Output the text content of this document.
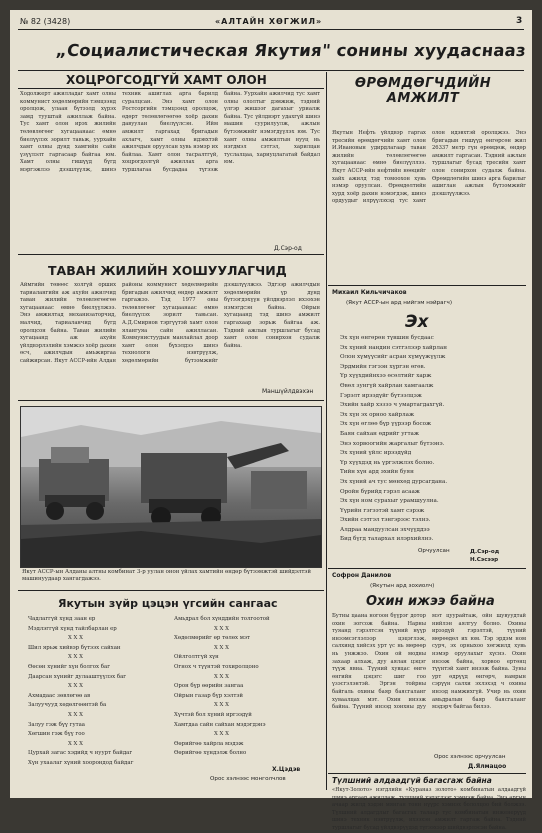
№ 82 (3428)	«АЛТАЙН ХӨГЖИЛ»	3
„Социалистическая Якутия" сонины хуудаснааз
ХОЦРОГСОДГҮЙ ХАМТ ОЛОН

Ходолжерт ажилладаг хамт олны коммунист хөдөлмөрийн тэмцээнд оролцож, улаан бүтээлд хүрэх замд тууштай ажиллаж байна. Тус хамт олон ирэх жилийн төлөвлөгөөг хугацаанаас өмнө биелүүлэх зорилт тавьж, уурхайн хамт олны дунд хамгийн сайн үзүүлэлт гаргасаар байгаа юм. Хамт олны гишүүд бүгд мэргэжлээ дээшлүүлж, шинэ техник ашиглах арга барилд суралцсан. Энэ хамт олон Ростсоргийн тэмцээнд оролцож, өдөрт төлөвлөгөөгөө хоёр дахин давуулан биелүүлсэн. Ийм амжилт гаргахад бригадын ахлагч, хамт олны идэвхтэй ажилчдын оруулсан хувь нэмэр их байлаа. Хамт олон тасралтгүй, хоцрогдолгүй ажиллах арга туршлагаа бусдадаа түгээж байна. Уурхайн ажилчид тус хамт олны ололтыг дэмжиж, тэдний үлгэр жишээг дагахыг уриалж байна. Тус үйлдвэрт удахгүй шинэ машин суурилуулж, ажлын бүтээмжийг нэмэгдүүлэх юм. Тус хамт олны амжилтын нууц нь нэгдмэл сэтгэл, харилцан туслалцаа, хариуцлагатай байдал юм.

Д.Сэр-од
ТАВАН ЖИЛИЙН ХОШУУЛАГЧИД

Аймгийн төвөөс холгүй орших тариалангийн аж ахуйн ажилчид таван жилийн төлөвлөгөөгөө хугацаанаас өмнө биелүүлжээ. Энэ амжилтад механизаторчид, малчид, тариаланчид бүгд оролцсон байна. Таван жилийн хугацаанд аж ахуйн үйлдвэрлэлийн хэмжээ хоёр дахин өсч, ажилчдын амьжиргаа сайжирсан. Якут АССР-ийн Алдан районы коммунист хөдөлмөрийн бригадын ажилчид өндөр амжилт гаргажээ. Тэд 1977 оны төлөвлөгөөг хугацаанаас өмнө биелүүлэх зорилт тавьсан. А.Д.Смирнов тэргүүтэй хамт олон ялангуяа сайн ажилласан. Коммунистуудын манлайлал доор хамт олон бүхэлдээ шинэ технологи нэвтрүүлж, хөдөлмөрийн бүтээмжийг дээшлүүлжээ. Эдгээр ажилчдын хөдөлмөрийн үр дүнд бүтээгдэхүүн үйлдвэрлэл ихээхэн нэмэгдсэн байна. Ойрын хугацаанд тэд шинэ амжилт гаргахаар зорьж байгаа аж. Тэдний ажлын туршлагыг бусад хамт олон сонирхон судалж байна.

Маншүйлдвэхэн
Якут АССР-ын Алданы алтны комбинат 3-р уулан онон үйлах хамтийн өндөр бүтээмжтэй шийдэлтэй машинуудаар хангагдажээ.
Якутын зүйр цэцэн үгсийн сангаас
Чадлаггүй хүнд заан ер
Мэдлэггүй хүнд тайлбарлан ер
X X X
Шил ярьж хийвэр бүтээх сайхан
X X X
Өөсөн хүнийг хүн болгох баг
Даарсан хүнийг дулааштүүлэх баг
X X X
Ахмадаас зөвлөгөө ав
Залуучууд хөдөлгөөнтэй ба
X X X
Залуу гэж бүү гутаа
Хөгшин гэж бүү гоо
X X X
Цурхай загас хэдийд ч нуурт байдаг
Хүн ухаалаг хүний хоорондод байдаг
Амьдрал бол хүнддийн толгоотой
X X X
Хөдөлмөрийг өр төлөх мэт
X X X
Ойлголтгүй хүн
Огнох ч түүнтэй тохиролцоно
X X X
Орон бүр өөрийн зангаа
Ойрын газар бүр хэлтэй
X X X
Хүчтэй бол хүний иргээдүй
Хамтдаа сайн сайхан мэдэгдэнэ
X X X
Өөрийгөө хайрла мэдэж
Өөрийгөө хүндэлж болно
Х.Цэдэв
Орос хэлнээс монголчлов
ӨРӨМДӨГЧДИЙН АМЖИЛТ

Якутын Нефть үйлдвэр гаргах тресийн өрөмдөгчийн хамт олон И.Ивановын удирдлагаар таван жилийн төлөвлөгөөгөө хугацаанаас өмнө биелүүллээ. Якут АССР-ийн нефтийн нөөцийг хайх ажилд тэд томоохон хувь нэмэр оруулсан. Өрөмдөлтийн хурд хоёр дахин нэмэгдэж, шинэ ордуудыг илрүүлэхэд тус хамт олон идэвхтэй оролцжээ. Энэ бригадын гишүүд өнгөрсөн жил 26337 метр гүн өрөмдөж, өндөр амжилт гаргасан. Тэдний ажлын туршлагыг бусад тресийн хамт олон сонирхон судалж байна. Өрөмдлөгийн шинэ арга барилыг ашиглан ажлын бүтээмжийг дээшлүүлжээ.

Михаил Кильчичаков
(Якут АССР-ын ард нийгэм нэйрагч)
Эх
Эх хүн өнгөрөн түвшин бусдаас
Эх хүний нандин сэтгэлээр хайрлан
Олон хүмүүсийг асран хүмүүжүүлж
Эрдмийн гэгээн хүргэн өгөв.
Үр хүүхдийнхээ өсөлтийг харж
Өвөл зунгүй хайрлан хамгаалж
Гэрэлт ирээдүйг бүтээлцэж
Эхийн хайр хэзээ ч умартагдахгүй.
Эх хүн эх орноо хайрлаж
Эх хүн өглөө бүр үүрээр босож
Баян сайхан өдрийг угтаж
Энэ хорвоогийн жаргалыг бүтээнэ.
Эх хүний үйлс ирээдүйд
Үр хүүхдэд нь үргэлжлэх болно.
Тийн хүн ард эхийн буян
Эх хүний ач тус мөнхөд дурсагдана.
Оройн бүрийд гэрэл асааж
Эх хүн ном сурахыг урамшуулна.
Үүрийн гэгээтэй хамт сэрэж
Эхийн сэтгэл тэнгэрээс тэлнэ.
Алдраа мандуулсан эхчүүддээ
Бид бүгд талархал илэрхийлнэ.
Орчуулсан	Д.Сэр-од
Н.Сэсээр
Софрон Данилов
(Якутын ард зохиолч)
Охин ижээ байна

Бутны цаана ногоон бүүрэг дотор охин зогсож байна. Нарны туяанд гэрэлтсэн түүний нүүр инээмсэглэлээр цэцэглэж, салхинд хийсэх урт үс нь мөрөөр нь унжжээ. Охин ой модны захаар алхаж, дуу аялан цэцэг түүж явна. Түүний хувцас өнгө өнгийн цэцэгс шиг гоо үзэсгэлэнтэй. Эргэн тойрны байгаль охины баяр баясгаланг хуваалцах мэт. Охин инээж байна. Түүний инээд хонхны дуу мэт цуурайтаж, ойн шувуудтай нийлэн аялгуу болно. Охины ирээдүй гэрэлтэй, түүний мөрөөдөл их юм. Тэр эрдэм ном сурч, эх орныхоо хөгжилд хувь нэмэр оруулахыг хүснэ. Охин инээж байна, хорвоо ертөнц түүнтэй хамт инээж байна. Зуны урт өдрүүд өнгөрч, намрын сэрүүн салхи эхлэхэд ч охины инээд намжихгүй. Учир нь охин амьдралын баяр баясгаланг мэдэрч байгаа билээ.

Орос хэлнээс орчуулсан
Д.Ялмацоо
Түлшний алдаадгүй багасгаж байна

«Якут-Золото» нэгдлийн «Кураназ золото» комбинатын алдаадгүй шинэ аргаар ажиллаж, түлшний хэрэглээг хэмнэж байна. Энэ аргын ачаар жилд хэдэн мянган тонн нүүрс хэмнэх бололцоо бий болжээ. Түлшний алдагдлыг багасгах талаар тус комбинатын инженерүүд шинэ техник нэвтрүүлж, ихээхэн амжилт гаргаж байна. Тэдний туршлагыг бусад үйлдвэрүүдэд түгээхээр шийдвэрлэсэн байна.
